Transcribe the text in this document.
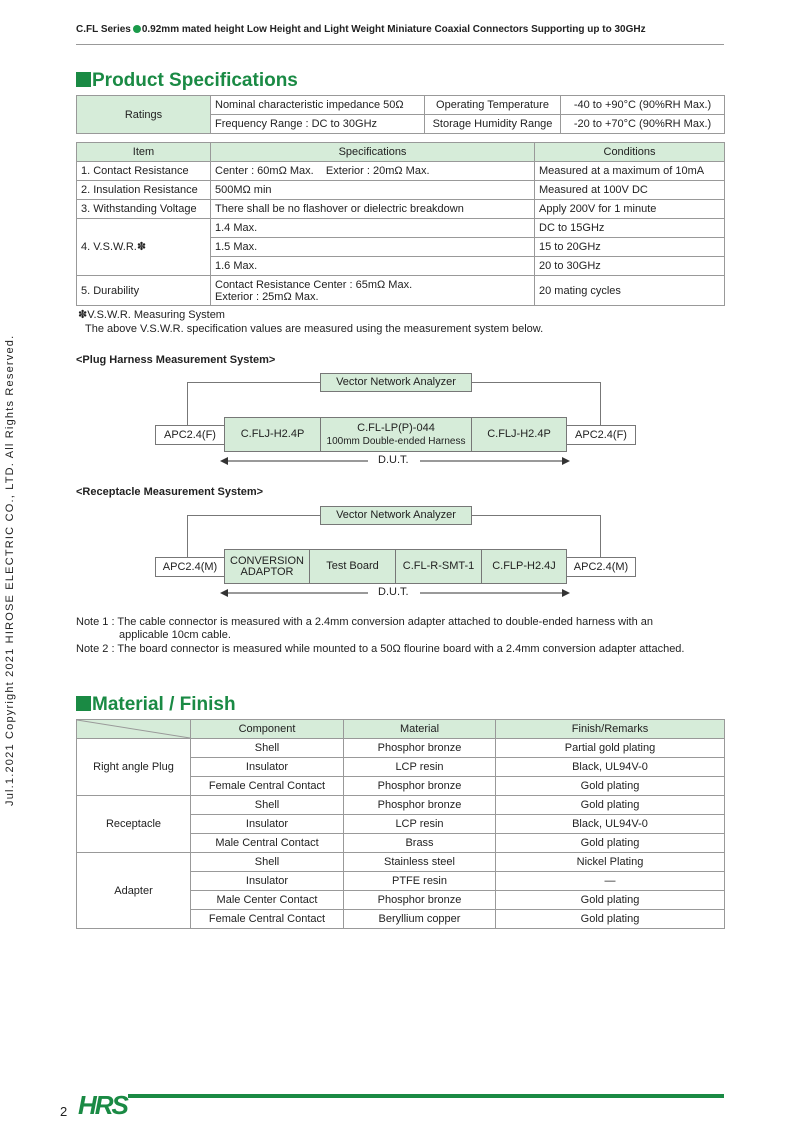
C.FL Series 0.92mm mated height Low Height and Light Weight Miniature Coaxial Connectors Supporting up to 30GHz
Jul.1.2021 Copyright 2021 HIROSE ELECTRIC CO., LTD. All Rights Reserved.
Product Specifications
Ratings	Nominal characteristic impedance 50Ω	Operating Temperature	-40 to +90°C (90%RH Max.)
	Frequency Range : DC to 30GHz	Storage Humidity Range	-20 to +70°C (90%RH Max.)
Item	Specifications	Conditions
1. Contact Resistance	Center : 60mΩ Max.    Exterior : 20mΩ Max.	Measured at a maximum of 10mA
2. Insulation Resistance	500MΩ min	Measured at 100V DC
3. Withstanding Voltage	There shall be no flashover or dielectric breakdown	Apply 200V for 1 minute
4. V.S.W.R.✽	1.4 Max.	DC to 15GHz
	1.5 Max.	15 to 20GHz
	1.6 Max.	20 to 30GHz
5. Durability	Contact Resistance Center : 65mΩ Max.
Exterior : 25mΩ Max.	20 mating cycles
✽V.S.W.R. Measuring System
The above V.S.W.R. specification values are measured using the measurement system below.
<Plug Harness Measurement System>
Vector Network Analyzer
APC2.4(F)	C.FLJ-H2.4P
C.FL-LP(P)-044
100mm Double-ended Harness
C.FLJ-H2.4P	APC2.4(F)
D.U.T.
<Receptacle Measurement System>
Vector Network Analyzer
APC2.4(M)	CONVERSION
ADAPTOR	Test Board	C.FL-R-SMT-1	C.FLP-H2.4J	APC2.4(M)
D.U.T.
Note 1 : The cable connector is measured with a 2.4mm conversion adapter attached to double-ended harness with an
applicable 10cm cable.
Note 2 : The board connector is measured while mounted to a 50Ω flourine board with a 2.4mm conversion adapter attached.
Material / Finish
	Component	Material	Finish/Remarks
Right angle Plug	Shell	Phosphor bronze	Partial gold plating
	Insulator	LCP resin	Black, UL94V-0
	Female Central Contact	Phosphor bronze	Gold plating
Receptacle	Shell	Phosphor bronze	Gold plating
	Insulator	LCP resin	Black, UL94V-0
	Male Central Contact	Brass	Gold plating
Adapter	Shell	Stainless steel	Nickel Plating
	Insulator	PTFE resin	—
	Male Center Contact	Phosphor bronze	Gold plating
	Female Central Contact	Beryllium copper	Gold plating
2 HRS
